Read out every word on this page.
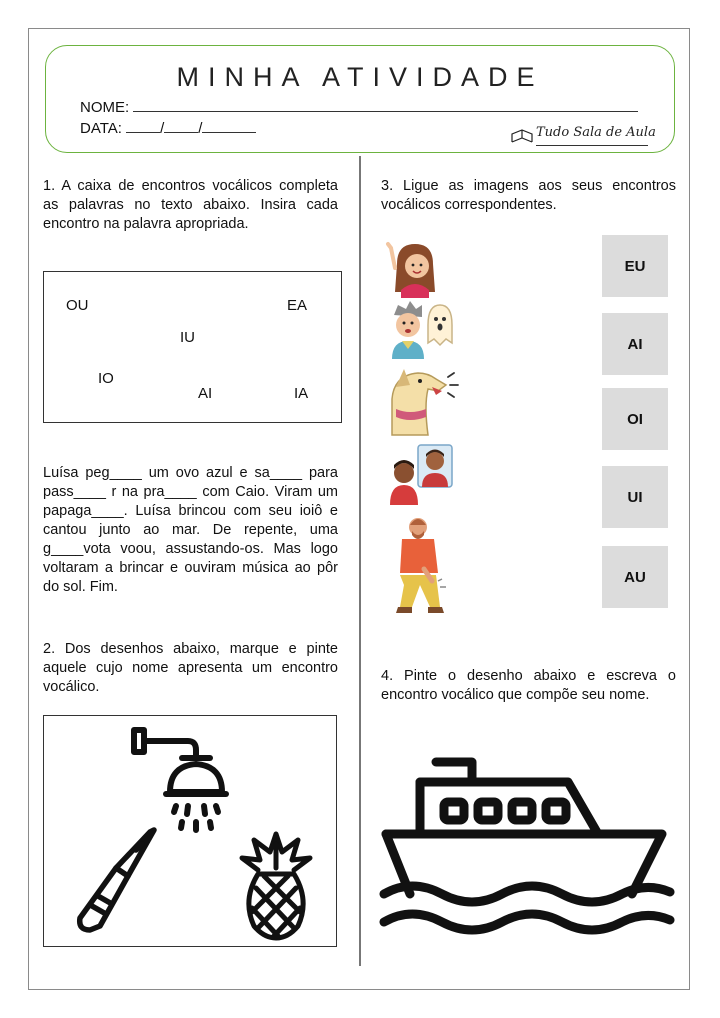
MINHA ATIVIDADE
NOME:
DATA:	/ /	Tudo Sala de Aula
1. A caixa de encontros vocálicos completa as palavras no texto abaixo. Insira cada encontro na palavra apropriada.
OU	EA
IU
IO
AI	IA
Luísa peg____ um ovo azul e sa____ para pass____ r na pra____ com Caio. Viram um papaga____. Luísa brincou com seu ioiô e cantou junto ao mar. De repente, uma g____vota voou, assustando-os. Mas logo voltaram a brincar e ouviram música ao pôr do sol. Fim.
2. Dos desenhos abaixo, marque e pinte aquele cujo nome apresenta um encontro vocálico.
3. Ligue as imagens aos seus encontros vocálicos correspondentes.
EU
AI
OI
UI
AU
4. Pinte o desenho abaixo e escreva o encontro vocálico que compõe seu nome.
